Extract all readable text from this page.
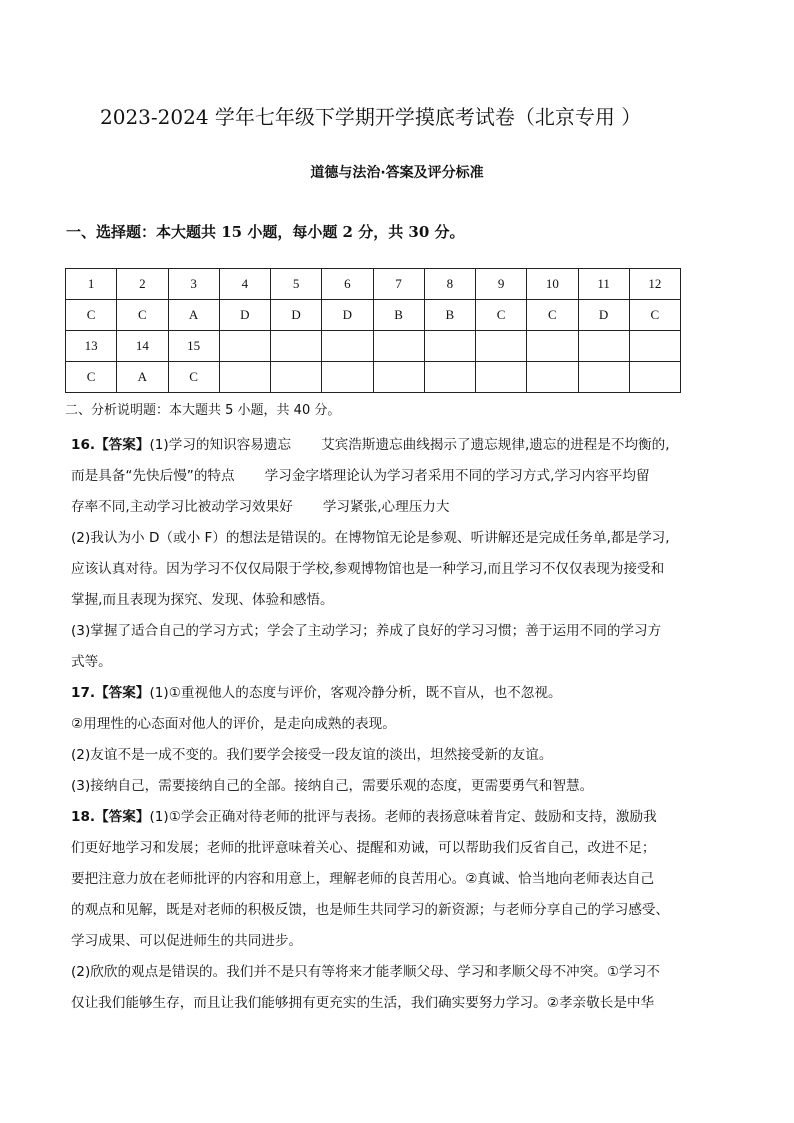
2023-2024 学年七年级下学期开学摸底考试卷（北京专用 ）
道德与法治·答案及评分标准
一、选择题：本大题共 15 小题，每小题 2 分，共 30 分。
1	2	3	4	5	6	7	8	9	10	11	12
C	C	A	D	D	D	B	B	C	C	D	C
13	14	15									
C	A	C									
二、分析说明题：本大题共 5 小题，共 40 分。
16.【答案】(1)学习的知识容易遗忘 艾宾浩斯遗忘曲线揭示了遗忘规律,遗忘的进程是不均衡的,
而是具备“先快后慢”的特点 学习金字塔理论认为学习者采用不同的学习方式,学习内容平均留
存率不同,主动学习比被动学习效果好 学习紧张,心理压力大
(2)我认为小 D（或小 F）的想法是错误的。在博物馆无论是参观、听讲解还是完成任务单,都是学习,
应该认真对待。因为学习不仅仅局限于学校,参观博物馆也是一种学习,而且学习不仅仅表现为接受和
掌握,而且表现为探究、发现、体验和感悟。
(3)掌握了适合自己的学习方式；学会了主动学习；养成了良好的学习习惯；善于运用不同的学习方
式等。
17.【答案】(1)①重视他人的态度与评价，客观冷静分析，既不盲从，也不忽视。
②用理性的心态面对他人的评价，是走向成熟的表现。
(2)友谊不是一成不变的。我们要学会接受一段友谊的淡出，坦然接受新的友谊。
(3)接纳自己，需要接纳自己的全部。接纳自己，需要乐观的态度，更需要勇气和智慧。
18.【答案】(1)①学会正确对待老师的批评与表扬。老师的表扬意味着肯定、鼓励和支持，激励我
们更好地学习和发展；老师的批评意味着关心、提醒和劝诫，可以帮助我们反省自己，改进不足；
要把注意力放在老师批评的内容和用意上，理解老师的良苦用心。②真诚、恰当地向老师表达自己
的观点和见解，既是对老师的积极反馈，也是师生共同学习的新资源；与老师分享自己的学习感受、
学习成果、可以促进师生的共同进步。
(2)欣欣的观点是错误的。我们并不是只有等将来才能孝顺父母、学习和孝顺父母不冲突。①学习不
仅让我们能够生存，而且让我们能够拥有更充实的生活，我们确实要努力学习。②孝亲敬长是中华
